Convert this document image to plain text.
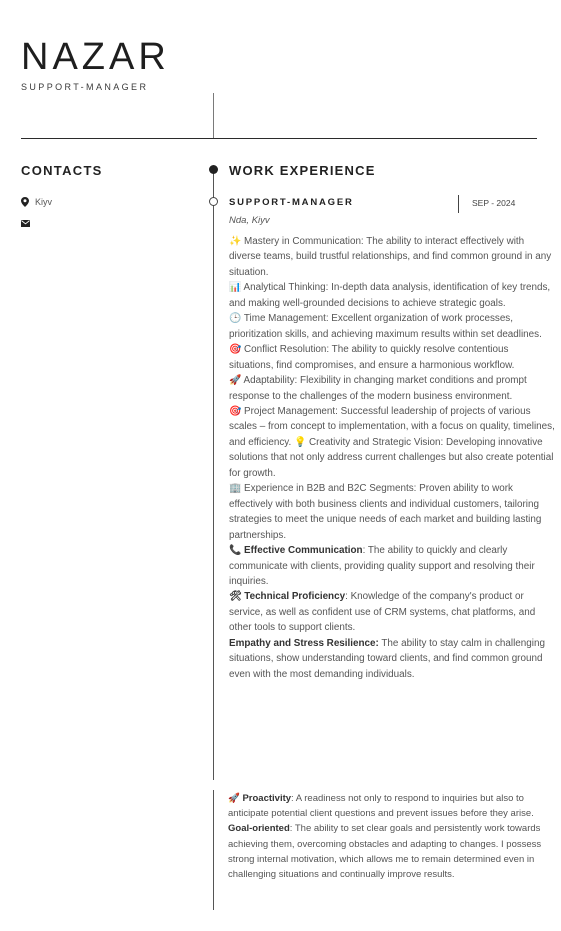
NAZAR
SUPPORT-MANAGER
CONTACTS
Kiyv
WORK EXPERIENCE
SUPPORT-MANAGER	SEP - 2024
Nda, Kiyv

✨ Mastery in Communication: The ability to interact effectively with diverse teams, build trustful relationships, and find common ground in any situation.

📊 Analytical Thinking: In-depth data analysis, identification of key trends, and making well-grounded decisions to achieve strategic goals.

🕒 Time Management: Excellent organization of work processes, prioritization skills, and achieving maximum results within set deadlines.

🎯 Conflict Resolution: The ability to quickly resolve contentious situations, find compromises, and ensure a harmonious workflow.

🚀 Adaptability: Flexibility in changing market conditions and prompt response to the challenges of the modern business environment.

🎯 Project Management: Successful leadership of projects of various scales – from concept to implementation, with a focus on quality, timelines, and efficiency. 💡 Creativity and Strategic Vision: Developing innovative solutions that not only address current challenges but also create potential for growth.

🏢 Experience in B2B and B2C Segments: Proven ability to work effectively with both business clients and individual customers, tailoring strategies to meet the unique needs of each market and building lasting partnerships.

📞 Effective Communication: The ability to quickly and clearly communicate with clients, providing quality support and resolving their inquiries.

🛠 Technical Proficiency: Knowledge of the company's product or service, as well as confident use of CRM systems, chat platforms, and other tools to support clients.

Empathy and Stress Resilience: The ability to stay calm in challenging situations, show understanding toward clients, and find common ground even with the most demanding individuals.

🚀 Proactivity: A readiness not only to respond to inquiries but also to anticipate potential client questions and prevent issues before they arise.

Goal-oriented: The ability to set clear goals and persistently work towards achieving them, overcoming obstacles and adapting to changes. I possess strong internal motivation, which allows me to remain determined even in challenging situations and continually improve results.
